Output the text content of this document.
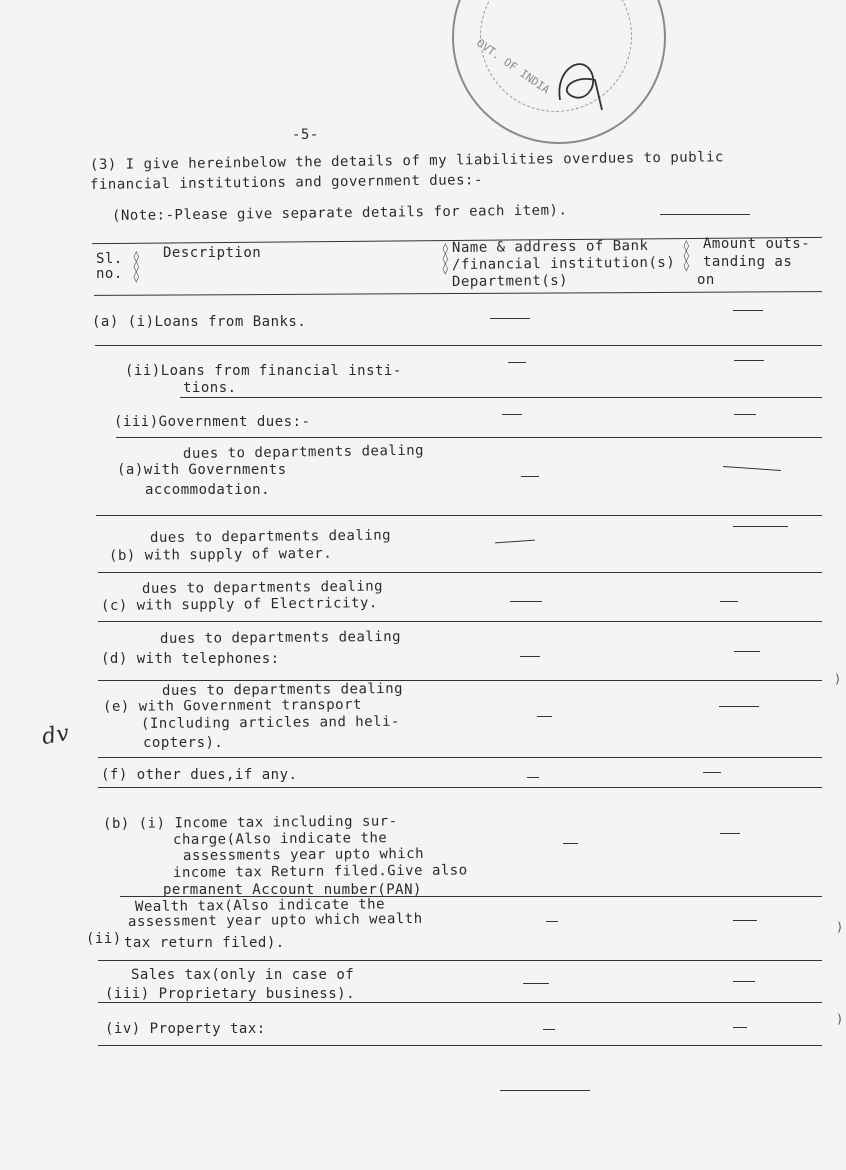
OVT. OF INDIA
-5-
(3) I give hereinbelow the details of my liabilities overdues to public
financial institutions and government dues:-
(Note:-Please give separate details for each item).
Sl.
no.
◊
◊
◊
Description	◊
◊
◊
Name & address of Bank
/financial institution(s)
Department(s)
◊
◊
◊
Amount outs-
tanding as
on
(a) (i)Loans from Banks.
(ii)Loans from financial insti-
tions.
(iii)Government dues:-
dues to departments dealing
(a)with Governments
accommodation.
dues to departments dealing
(b) with supply of water.
dues to departments dealing
(c) with supply of Electricity.
dues to departments dealing
(d) with telephones:
dues to departments dealing
(e) with Government transport
(Including articles and heli-
copters).
(f) other dues,if any.
(b) (i) Income tax including sur-
charge(Also indicate the
assessments year upto which
income tax Return filed.Give also
permanent Account number(PAN)
Wealth tax(Also indicate the
assessment year upto which wealth
(ii) tax return filed).
Sales tax(only in case of
(iii) Proprietary business).
(iv) Property tax:
dv
)
)
)
